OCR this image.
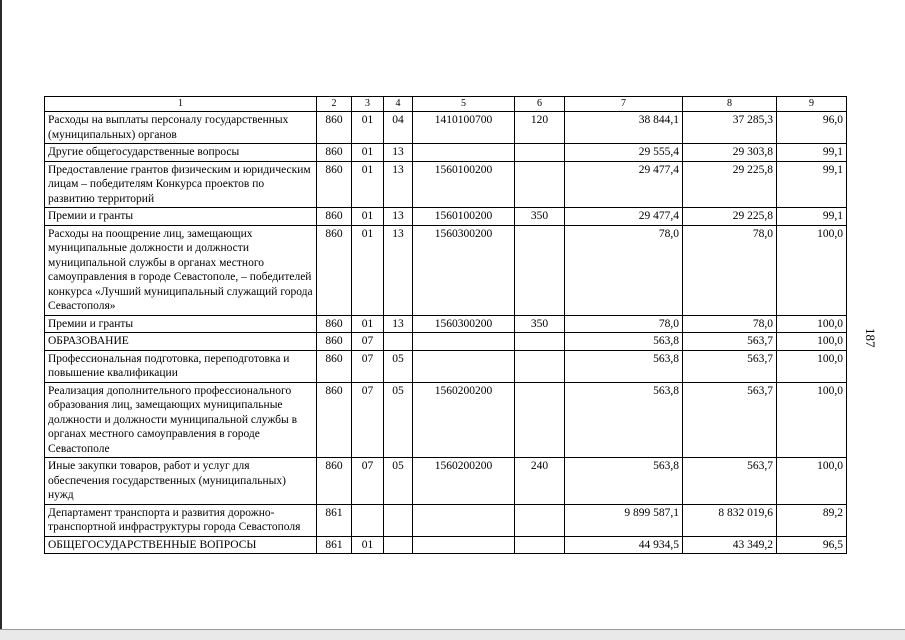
1	2	3	4	5	6	7	8	9
Расходы на выплаты персоналу государственных (муниципальных) органов	860	01	04	1410100700	120	38 844,1	37 285,3	96,0
Другие общегосударственные вопросы	860	01	13			29 555,4	29 303,8	99,1
Предоставление грантов физическим и юридическим лицам – победителям Конкурса проектов по развитию территорий	860	01	13	1560100200		29 477,4	29 225,8	99,1
Премии и гранты	860	01	13	1560100200	350	29 477,4	29 225,8	99,1
Расходы на поощрение лиц, замещающих муниципальные должности и должности муниципальной службы в органах местного самоуправления в городе Севастополе, – победителей конкурса «Лучший муниципальный служащий города Севастополя»	860	01	13	1560300200		78,0	78,0	100,0
Премии и гранты	860	01	13	1560300200	350	78,0	78,0	100,0
ОБРАЗОВАНИЕ	860	07				563,8	563,7	100,0
Профессиональная подготовка, переподготовка и повышение квалификации	860	07	05			563,8	563,7	100,0
Реализация дополнительного профессионального образования лиц, замещающих муниципальные должности и должности муниципальной службы в органах местного самоуправления в городе Севастополе	860	07	05	1560200200		563,8	563,7	100,0
Иные закупки товаров, работ и услуг для обеспечения государственных (муниципальных) нужд	860	07	05	1560200200	240	563,8	563,7	100,0
Департамент транспорта и развития дорожно-транспортной инфраструктуры города Севастополя	861					9 899 587,1	8 832 019,6	89,2
ОБЩЕГОСУДАРСТВЕННЫЕ ВОПРОСЫ	861	01				44 934,5	43 349,2	96,5
187
